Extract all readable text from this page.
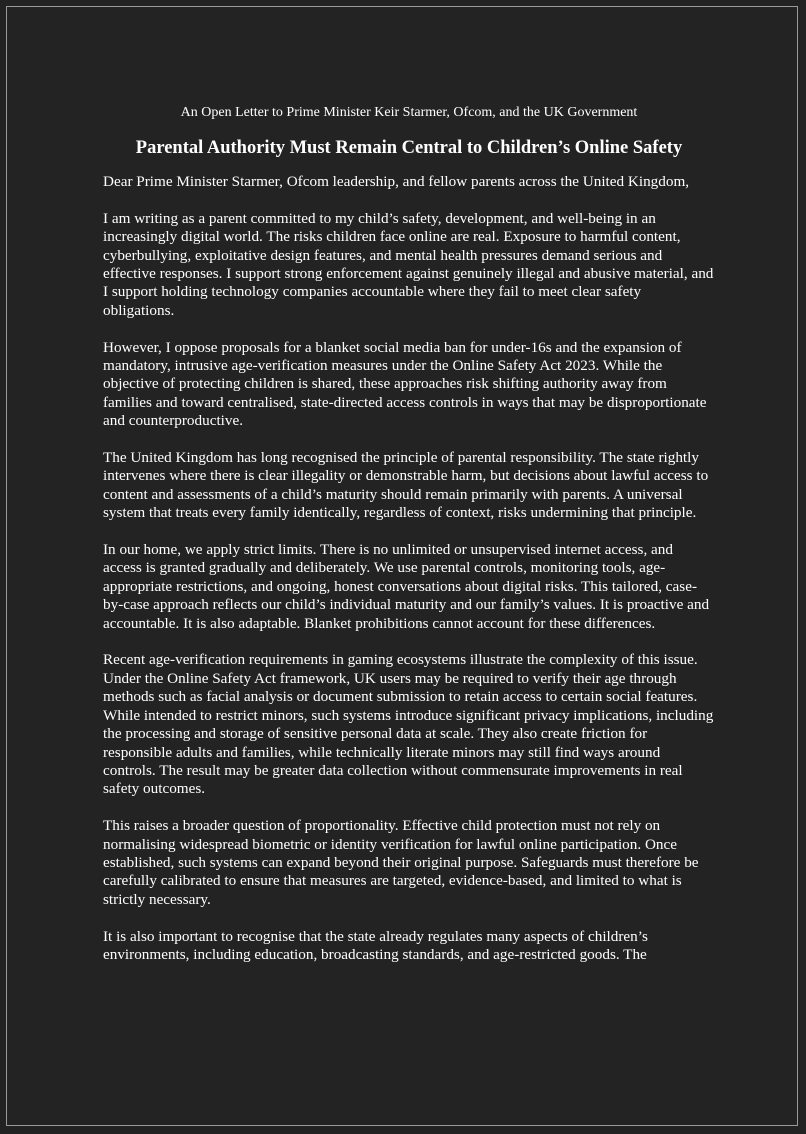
An Open Letter to Prime Minister Keir Starmer, Ofcom, and the UK Government
Parental Authority Must Remain Central to Children’s Online Safety

Dear Prime Minister Starmer, Ofcom leadership, and fellow parents across the United Kingdom,

I am writing as a parent committed to my child’s safety, development, and well-being in an increasingly digital world. The risks children face online are real. Exposure to harmful content, cyberbullying, exploitative design features, and mental health pressures demand serious and effective responses. I support strong enforcement against genuinely illegal and abusive material, and I support holding technology companies accountable where they fail to meet clear safety obligations.

However, I oppose proposals for a blanket social media ban for under-16s and the expansion of mandatory, intrusive age-verification measures under the Online Safety Act 2023. While the objective of protecting children is shared, these approaches risk shifting authority away from families and toward centralised, state-directed access controls in ways that may be disproportionate and counterproductive.

The United Kingdom has long recognised the principle of parental responsibility. The state rightly intervenes where there is clear illegality or demonstrable harm, but decisions about lawful access to content and assessments of a child’s maturity should remain primarily with parents. A universal system that treats every family identically, regardless of context, risks undermining that principle.

In our home, we apply strict limits. There is no unlimited or unsupervised internet access, and access is granted gradually and deliberately. We use parental controls, monitoring tools, age-appropriate restrictions, and ongoing, honest conversations about digital risks. This tailored, case-by-case approach reflects our child’s individual maturity and our family’s values. It is proactive and accountable. It is also adaptable. Blanket prohibitions cannot account for these differences.

Recent age-verification requirements in gaming ecosystems illustrate the complexity of this issue. Under the Online Safety Act framework, UK users may be required to verify their age through methods such as facial analysis or document submission to retain access to certain social features. While intended to restrict minors, such systems introduce significant privacy implications, including the processing and storage of sensitive personal data at scale. They also create friction for responsible adults and families, while technically literate minors may still find ways around controls. The result may be greater data collection without commensurate improvements in real safety outcomes.

This raises a broader question of proportionality. Effective child protection must not rely on normalising widespread biometric or identity verification for lawful online participation. Once established, such systems can expand beyond their original purpose. Safeguards must therefore be carefully calibrated to ensure that measures are targeted, evidence-based, and limited to what is strictly necessary.

It is also important to recognise that the state already regulates many aspects of children’s environments, including education, broadcasting standards, and age-restricted goods. The
